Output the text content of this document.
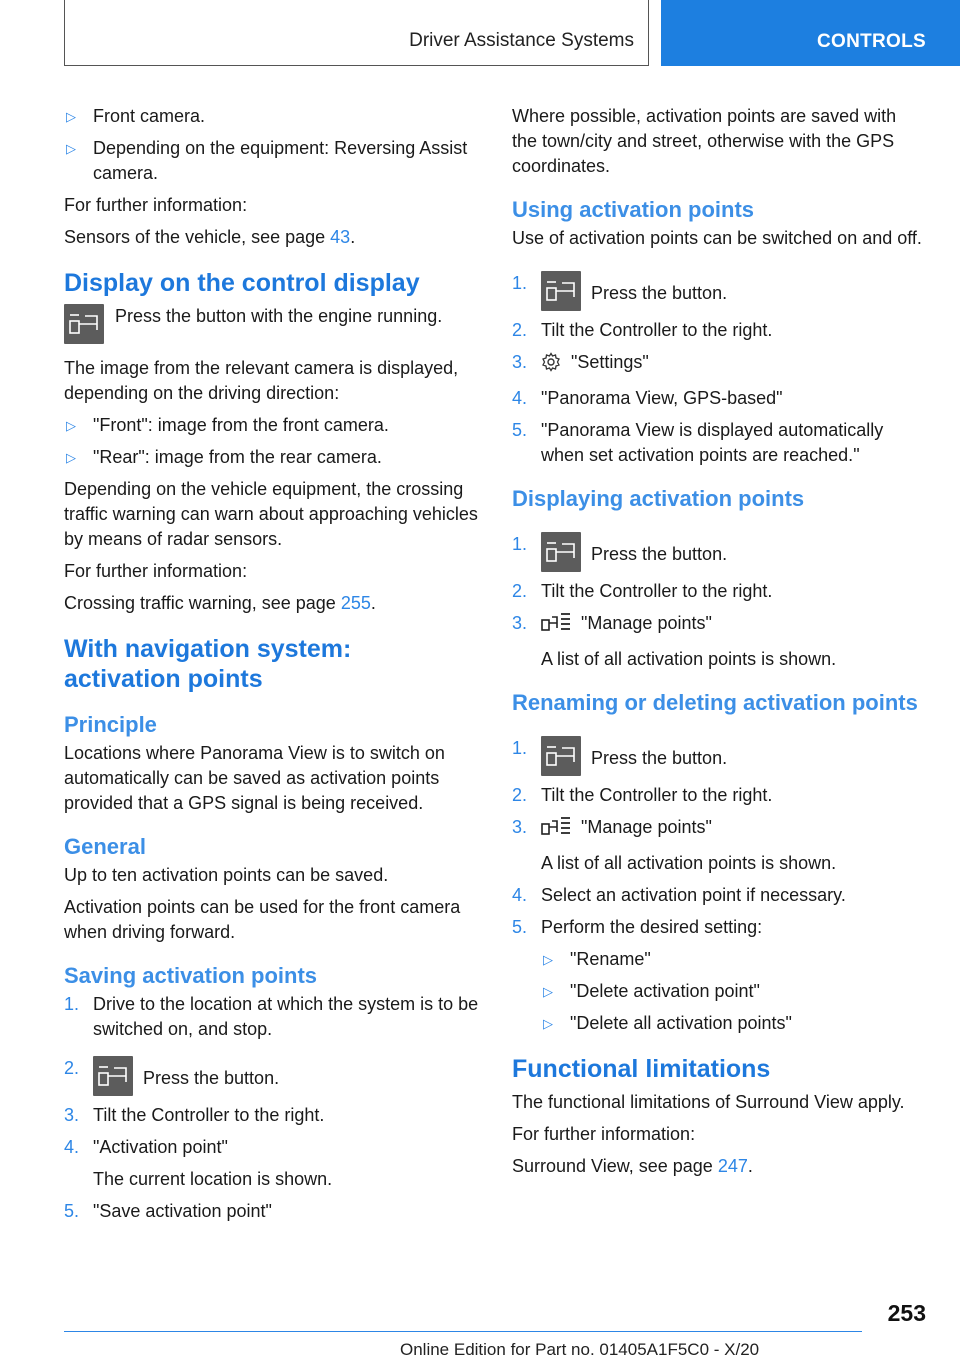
Driver Assistance Systems	CONTROLS
▷ Front camera.
▷ Depending on the equipment: Reversing Assist camera.

For further information:

Sensors of the vehicle, see page 43.

Display on the control display
Press the button with the engine running.

The image from the relevant camera is displayed, depending on the driving direction:

▷ "Front": image from the front camera.
▷ "Rear": image from the rear camera.

Depending on the vehicle equipment, the crossing traffic warning can warn about approaching vehicles by means of radar sensors.

For further information:

Crossing traffic warning, see page 255.

With navigation system: activation points
Principle

Locations where Panorama View is to switch on automatically can be saved as activation points provided that a GPS signal is being received.

General

Up to ten activation points can be saved.

Activation points can be used for the front camera when driving forward.

Saving activation points
1. Drive to the location at which the system is to be switched on, and stop.
2.	Press the button.
3. Tilt the Controller to the right.
4. "Activation point"
The current location is shown.
5. "Save activation point"

Where possible, activation points are saved with the town/city and street, otherwise with the GPS coordinates.

Using activation points

Use of activation points can be switched on and off.

1.	Press the button.
2. Tilt the Controller to the right.
3. "Settings"
4. "Panorama View, GPS-based"
5. "Panorama View is displayed automatically when set activation points are reached."
Displaying activation points
1.	Press the button.
2. Tilt the Controller to the right.
3.	"Manage points"
A list of all activation points is shown.
Renaming or deleting activation points
1.	Press the button.
2. Tilt the Controller to the right.
3.	"Manage points"
A list of all activation points is shown.
4. Select an activation point if necessary.
5. Perform the desired setting:
▷ "Rename"
▷ "Delete activation point"
▷ "Delete all activation points"
Functional limitations

The functional limitations of Surround View apply.

For further information:

Surround View, see page 247.

253
Online Edition for Part no. 01405A1F5C0 - X/20
